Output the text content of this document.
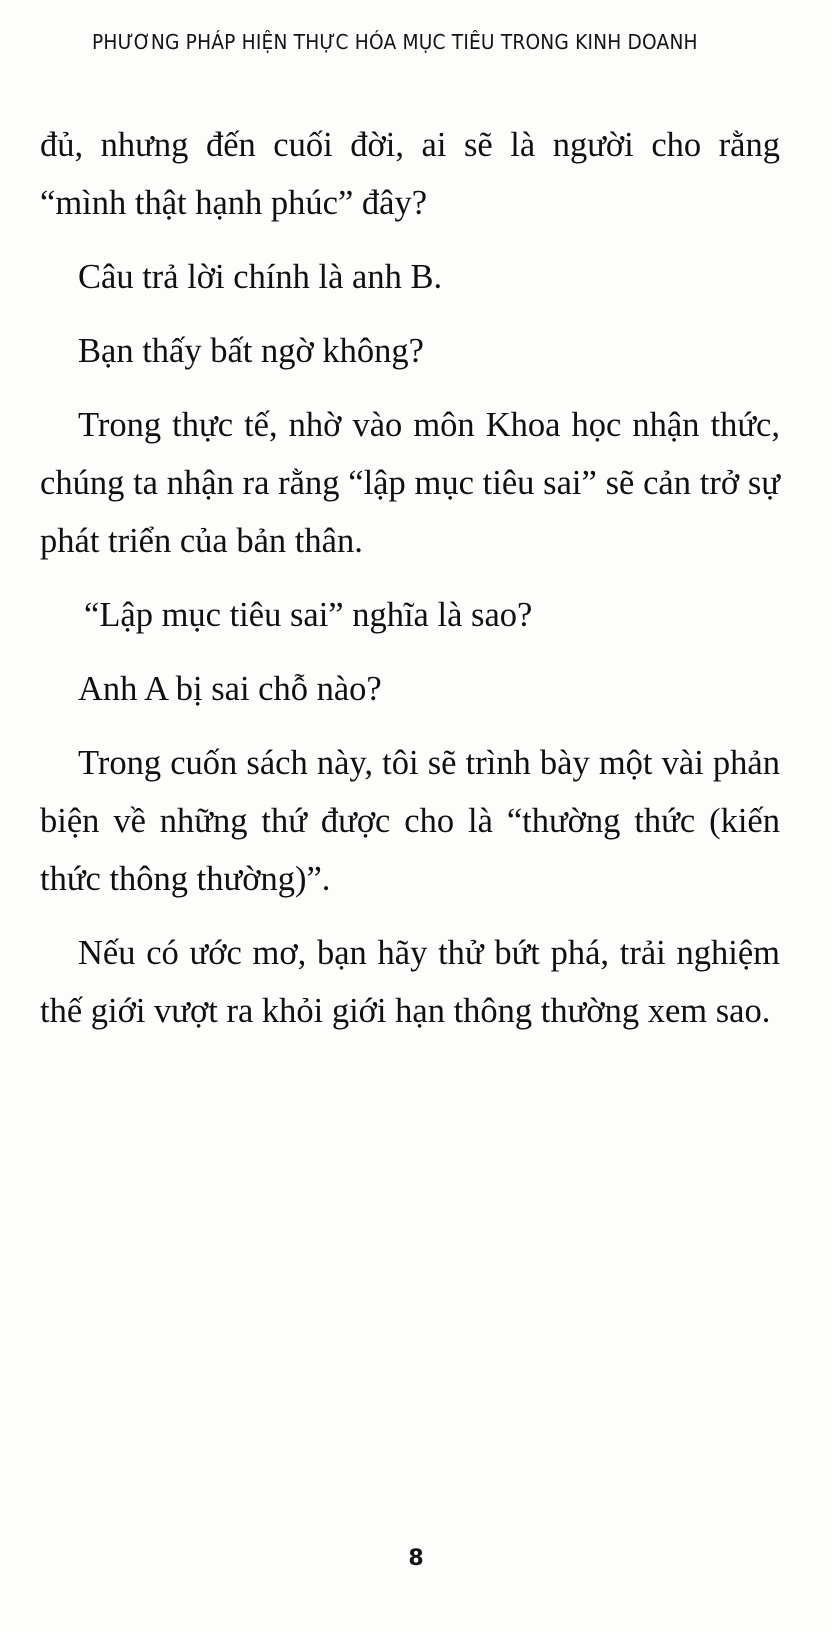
PHƯƠNG PHÁP HIỆN THỰC HÓA MỤC TIÊU TRONG KINH DOANH

đủ, nhưng đến cuối đời, ai sẽ là người cho rằng “mình thật hạnh phúc” đây?

Câu trả lời chính là anh B.

Bạn thấy bất ngờ không?

Trong thực tế, nhờ vào môn Khoa học nhận thức, chúng ta nhận ra rằng “lập mục tiêu sai” sẽ cản trở sự phát triển của bản thân.

“Lập mục tiêu sai” nghĩa là sao?

Anh A bị sai chỗ nào?

Trong cuốn sách này, tôi sẽ trình bày một vài phản biện về những thứ được cho là “thường thức (kiến thức thông thường)”.

Nếu có ước mơ, bạn hãy thử bứt phá, trải nghiệm thế giới vượt ra khỏi giới hạn thông thường xem sao.

8
